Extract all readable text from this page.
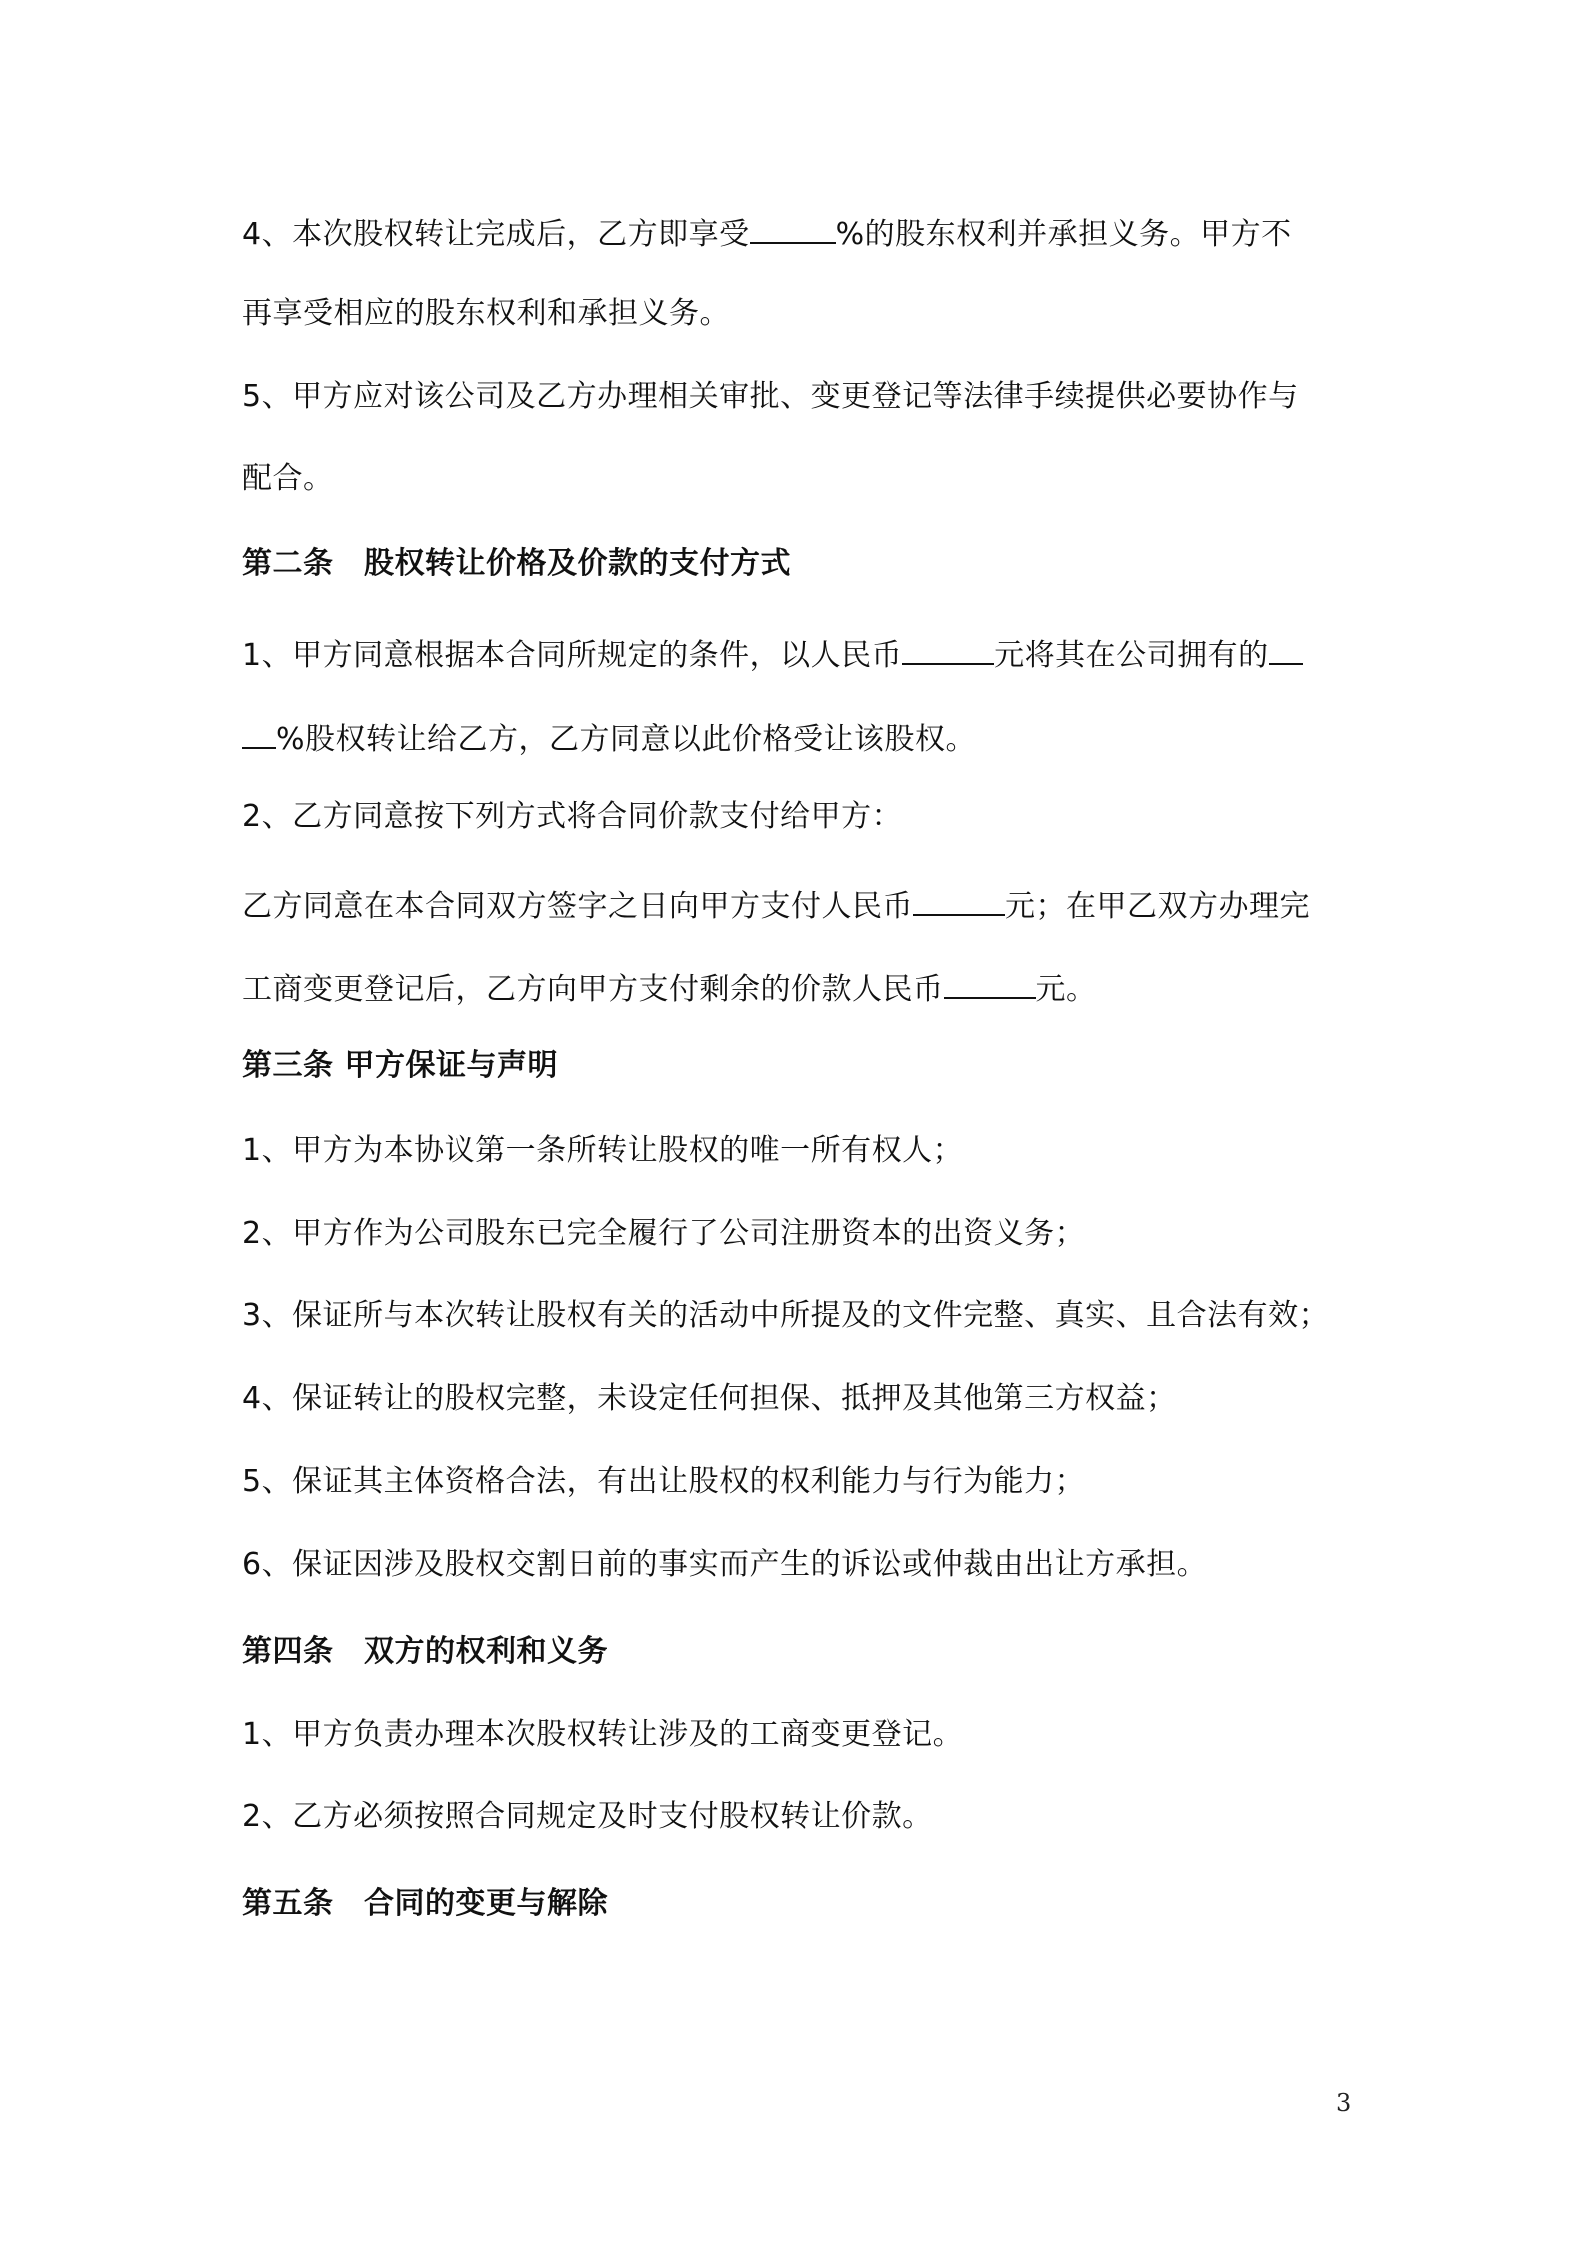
4、本次股权转让完成后，乙方即享受	%的股东权利并承担义务。甲方不
再享受相应的股东权利和承担义务。
5、甲方应对该公司及乙方办理相关审批、变更登记等法律手续提供必要协作与
配合。
第二条　股权转让价格及价款的支付方式
1、甲方同意根据本合同所规定的条件，以人民币	元将其在公司拥有的
%股权转让给乙方，乙方同意以此价格受让该股权。
2、乙方同意按下列方式将合同价款支付给甲方：
乙方同意在本合同双方签字之日向甲方支付人民币	元；在甲乙双方办理完
工商变更登记后，乙方向甲方支付剩余的价款人民币	元。
第三条 甲方保证与声明
1、甲方为本协议第一条所转让股权的唯一所有权人；
2、甲方作为公司股东已完全履行了公司注册资本的出资义务；
3、保证所与本次转让股权有关的活动中所提及的文件完整、真实、且合法有效；
4、保证转让的股权完整，未设定任何担保、抵押及其他第三方权益；
5、保证其主体资格合法，有出让股权的权利能力与行为能力；
6、保证因涉及股权交割日前的事实而产生的诉讼或仲裁由出让方承担。
第四条　双方的权利和义务
1、甲方负责办理本次股权转让涉及的工商变更登记。
2、乙方必须按照合同规定及时支付股权转让价款。
第五条　合同的变更与解除
3
